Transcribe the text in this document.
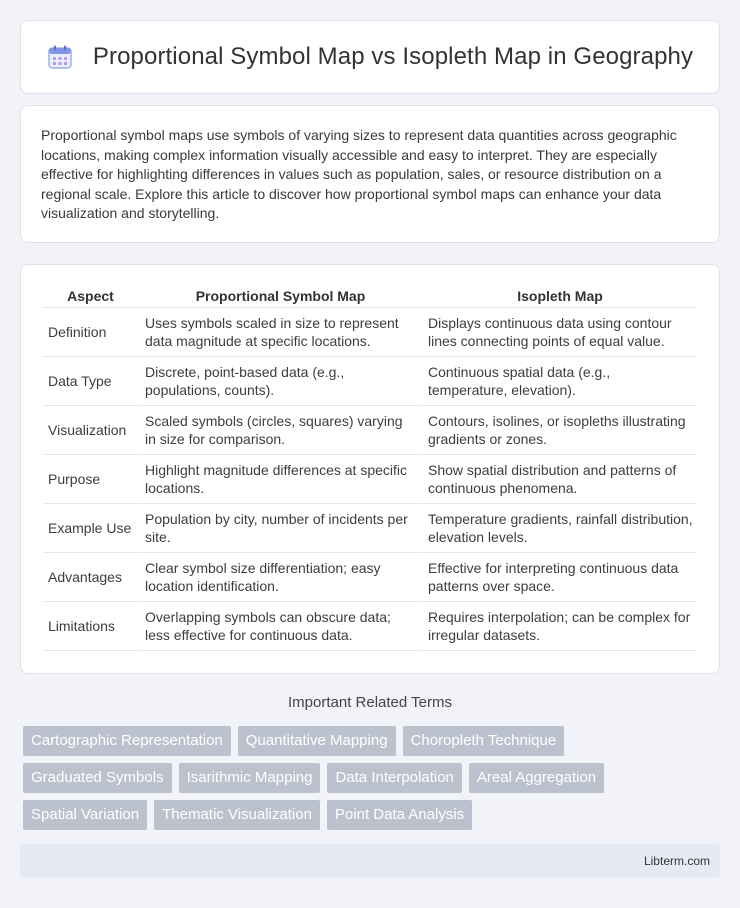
Proportional Symbol Map vs Isopleth Map in Geography

Proportional symbol maps use symbols of varying sizes to represent data quantities across geographic locations, making complex information visually accessible and easy to interpret. They are especially effective for highlighting differences in values such as population, sales, or resource distribution on a regional scale. Explore this article to discover how proportional symbol maps can enhance your data visualization and storytelling.

Aspect	Proportional Symbol Map	Isopleth Map
Definition	Uses symbols scaled in size to represent data magnitude at specific locations.	Displays continuous data using contour lines connecting points of equal value.
Data Type	Discrete, point-based data (e.g., populations, counts).	Continuous spatial data (e.g., temperature, elevation).
Visualization	Scaled symbols (circles, squares) varying in size for comparison.	Contours, isolines, or isopleths illustrating gradients or zones.
Purpose	Highlight magnitude differences at specific locations.	Show spatial distribution and patterns of continuous phenomena.
Example Use	Population by city, number of incidents per site.	Temperature gradients, rainfall distribution, elevation levels.
Advantages	Clear symbol size differentiation; easy location identification.	Effective for interpreting continuous data patterns over space.
Limitations	Overlapping symbols can obscure data; less effective for continuous data.	Requires interpolation; can be complex for irregular datasets.
Important Related Terms
Cartographic Representation	Quantitative Mapping	Choropleth Technique
Graduated Symbols	Isarithmic Mapping	Data Interpolation	Areal Aggregation
Spatial Variation	Thematic Visualization	Point Data Analysis
Libterm.com
